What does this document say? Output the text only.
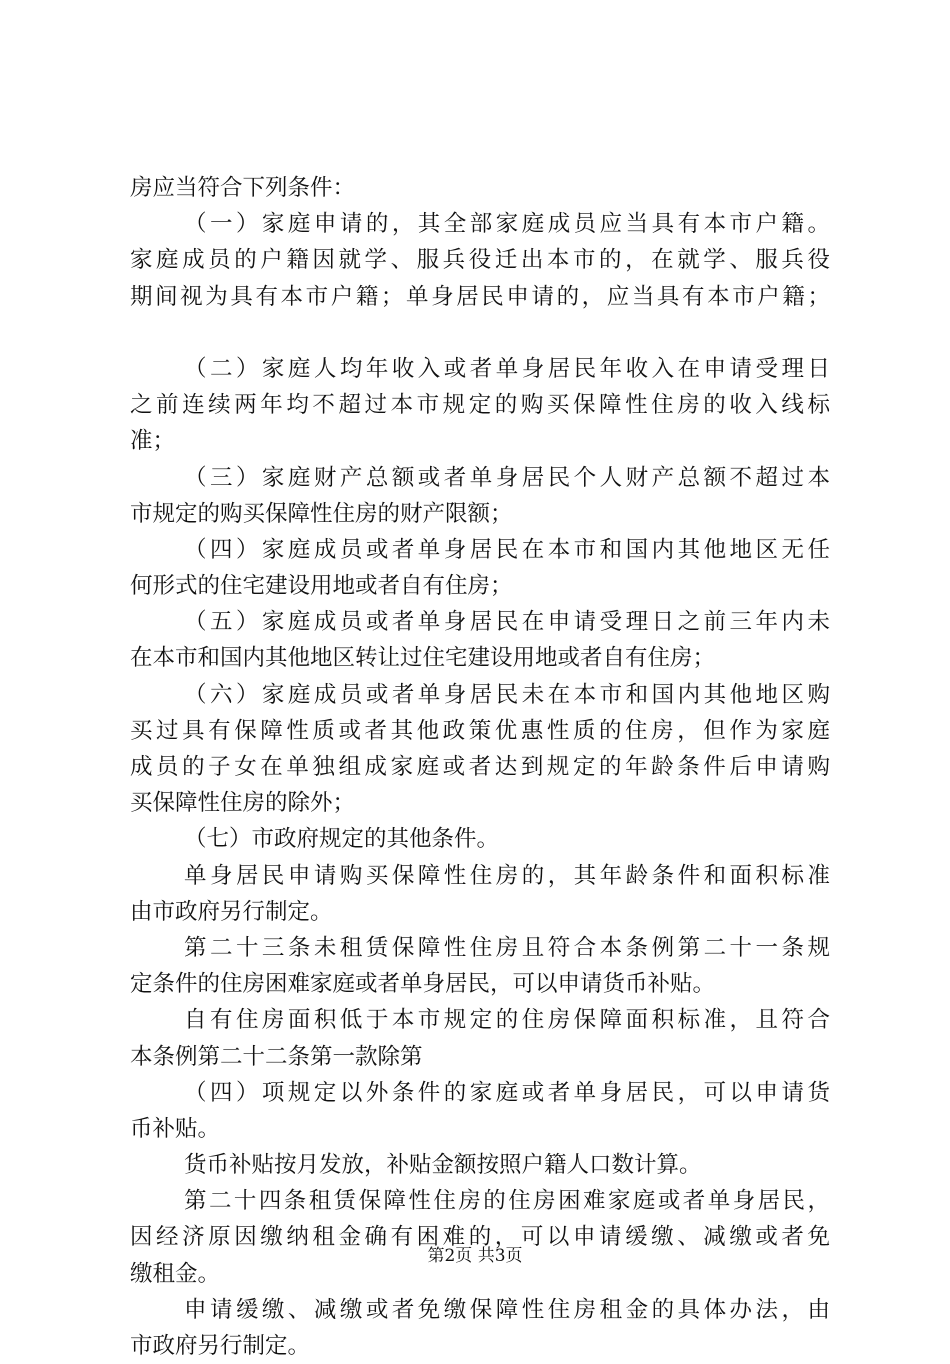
房应当符合下列条件：
（一）家庭申请的，其全部家庭成员应当具有本市户籍。
家庭成员的户籍因就学、服兵役迁出本市的，在就学、服兵役
期间视为具有本市户籍；单身居民申请的，应当具有本市户籍；
（二）家庭人均年收入或者单身居民年收入在申请受理日
之前连续两年均不超过本市规定的购买保障性住房的收入线标
准；
（三）家庭财产总额或者单身居民个人财产总额不超过本
市规定的购买保障性住房的财产限额；
（四）家庭成员或者单身居民在本市和国内其他地区无任
何形式的住宅建设用地或者自有住房；
（五）家庭成员或者单身居民在申请受理日之前三年内未
在本市和国内其他地区转让过住宅建设用地或者自有住房；
（六）家庭成员或者单身居民未在本市和国内其他地区购
买过具有保障性质或者其他政策优惠性质的住房，但作为家庭
成员的子女在单独组成家庭或者达到规定的年龄条件后申请购
买保障性住房的除外；
（七）市政府规定的其他条件。
单身居民申请购买保障性住房的，其年龄条件和面积标准
由市政府另行制定。
第二十三条未租赁保障性住房且符合本条例第二十一条规
定条件的住房困难家庭或者单身居民，可以申请货币补贴。
自有住房面积低于本市规定的住房保障面积标准，且符合
本条例第二十二条第一款除第
（四）项规定以外条件的家庭或者单身居民，可以申请货
币补贴。
货币补贴按月发放，补贴金额按照户籍人口数计算。
第二十四条租赁保障性住房的住房困难家庭或者单身居民，
因经济原因缴纳租金确有困难的，可以申请缓缴、减缴或者免
缴租金。
申请缓缴、减缴或者免缴保障性住房租金的具体办法，由
市政府另行制定。
第2页 共3页
